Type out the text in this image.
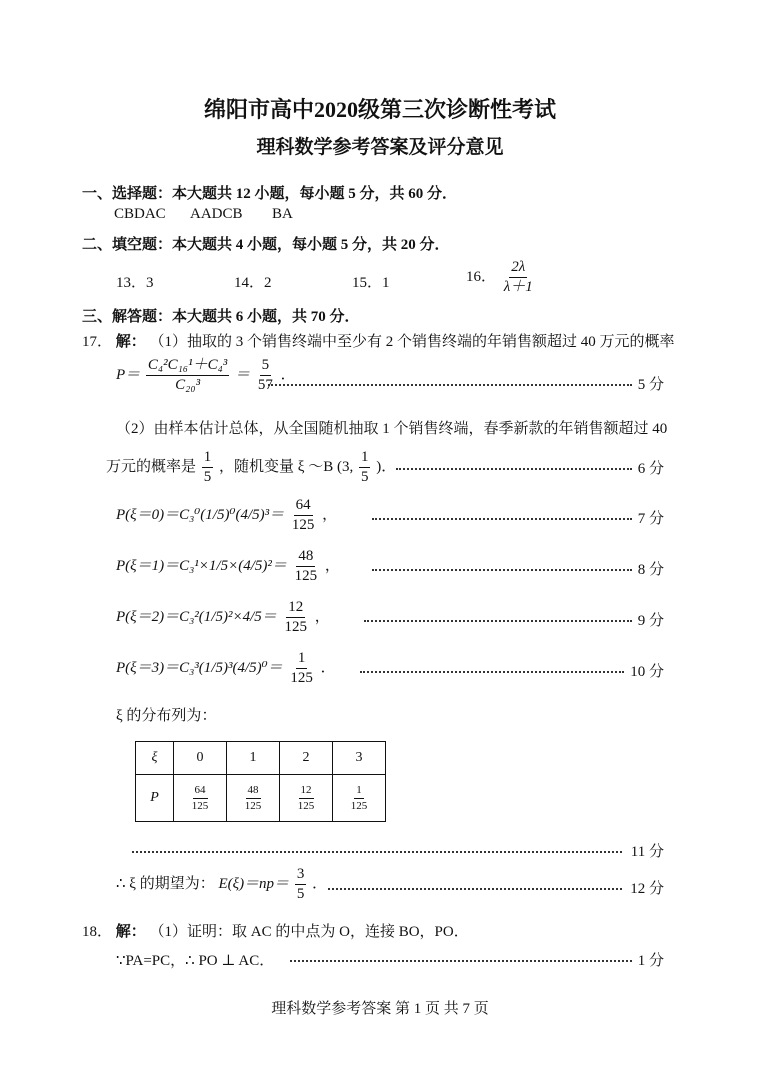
绵阳市高中2020级第三次诊断性考试
理科数学参考答案及评分意见
一、选择题：本大题共 12 小题，每小题 5 分，共 60 分．
CBDAC AADCB BA
二、填空题：本大题共 4 小题，每小题 5 分，共 20 分．
13．3	14．2	15．1	16． $\frac{2\lambda}{\lambda+1}$
三、解答题：本大题共 6 小题，共 70 分．
17． 解： （1）抽取的 3 个销售终端中至少有 2 个销售终端的年销售额超过 40 万元的概率
$P= \frac{\text{C₄²C₁₆¹＋C₄³}}{\text{C₂₀³}} = \frac{5}{57}$ ．
5 分
（2）由样本估计总体，从全国随机抽取 1 个销售终端，春季新款的年销售额超过 40
万元的概率是 $\frac{1}{5}$ ，随机变量 ξ ～B (3, $\frac{1}{5}$ )．	6 分
$P(\xi=0)=C_3^0(1/5)^0(4/5)^3= \frac{64}{125}$ ，	7 分
$P(\xi=1)=C_3^1\times 1/5\times(4/5)^2= \frac{48}{125}$ ，	8 分
$P(\xi=2)=C_3^2(1/5)^2\times 4/5= \frac{12}{125}$ ，	9 分
$P(\xi=3)=C_3^3(1/5)^3(4/5)^0= \frac{1}{125}$ ．	10 分
ξ 的分布列为：
ξ	0	1	2	3
P	$\frac{64}{125}$	$\frac{48}{125}$	$\frac{12}{125}$	$\frac{1}{125}$
11 分
∴ ξ 的期望为： $E(\xi)=np= \frac{3}{5}$ ．	12 分
18． 解： （1）证明：取 AC 的中点为 O，连接 BO，PO．
∵PA=PC，∴ PO ⊥ AC．	1 分
理科数学参考答案 第 1 页 共 7 页
